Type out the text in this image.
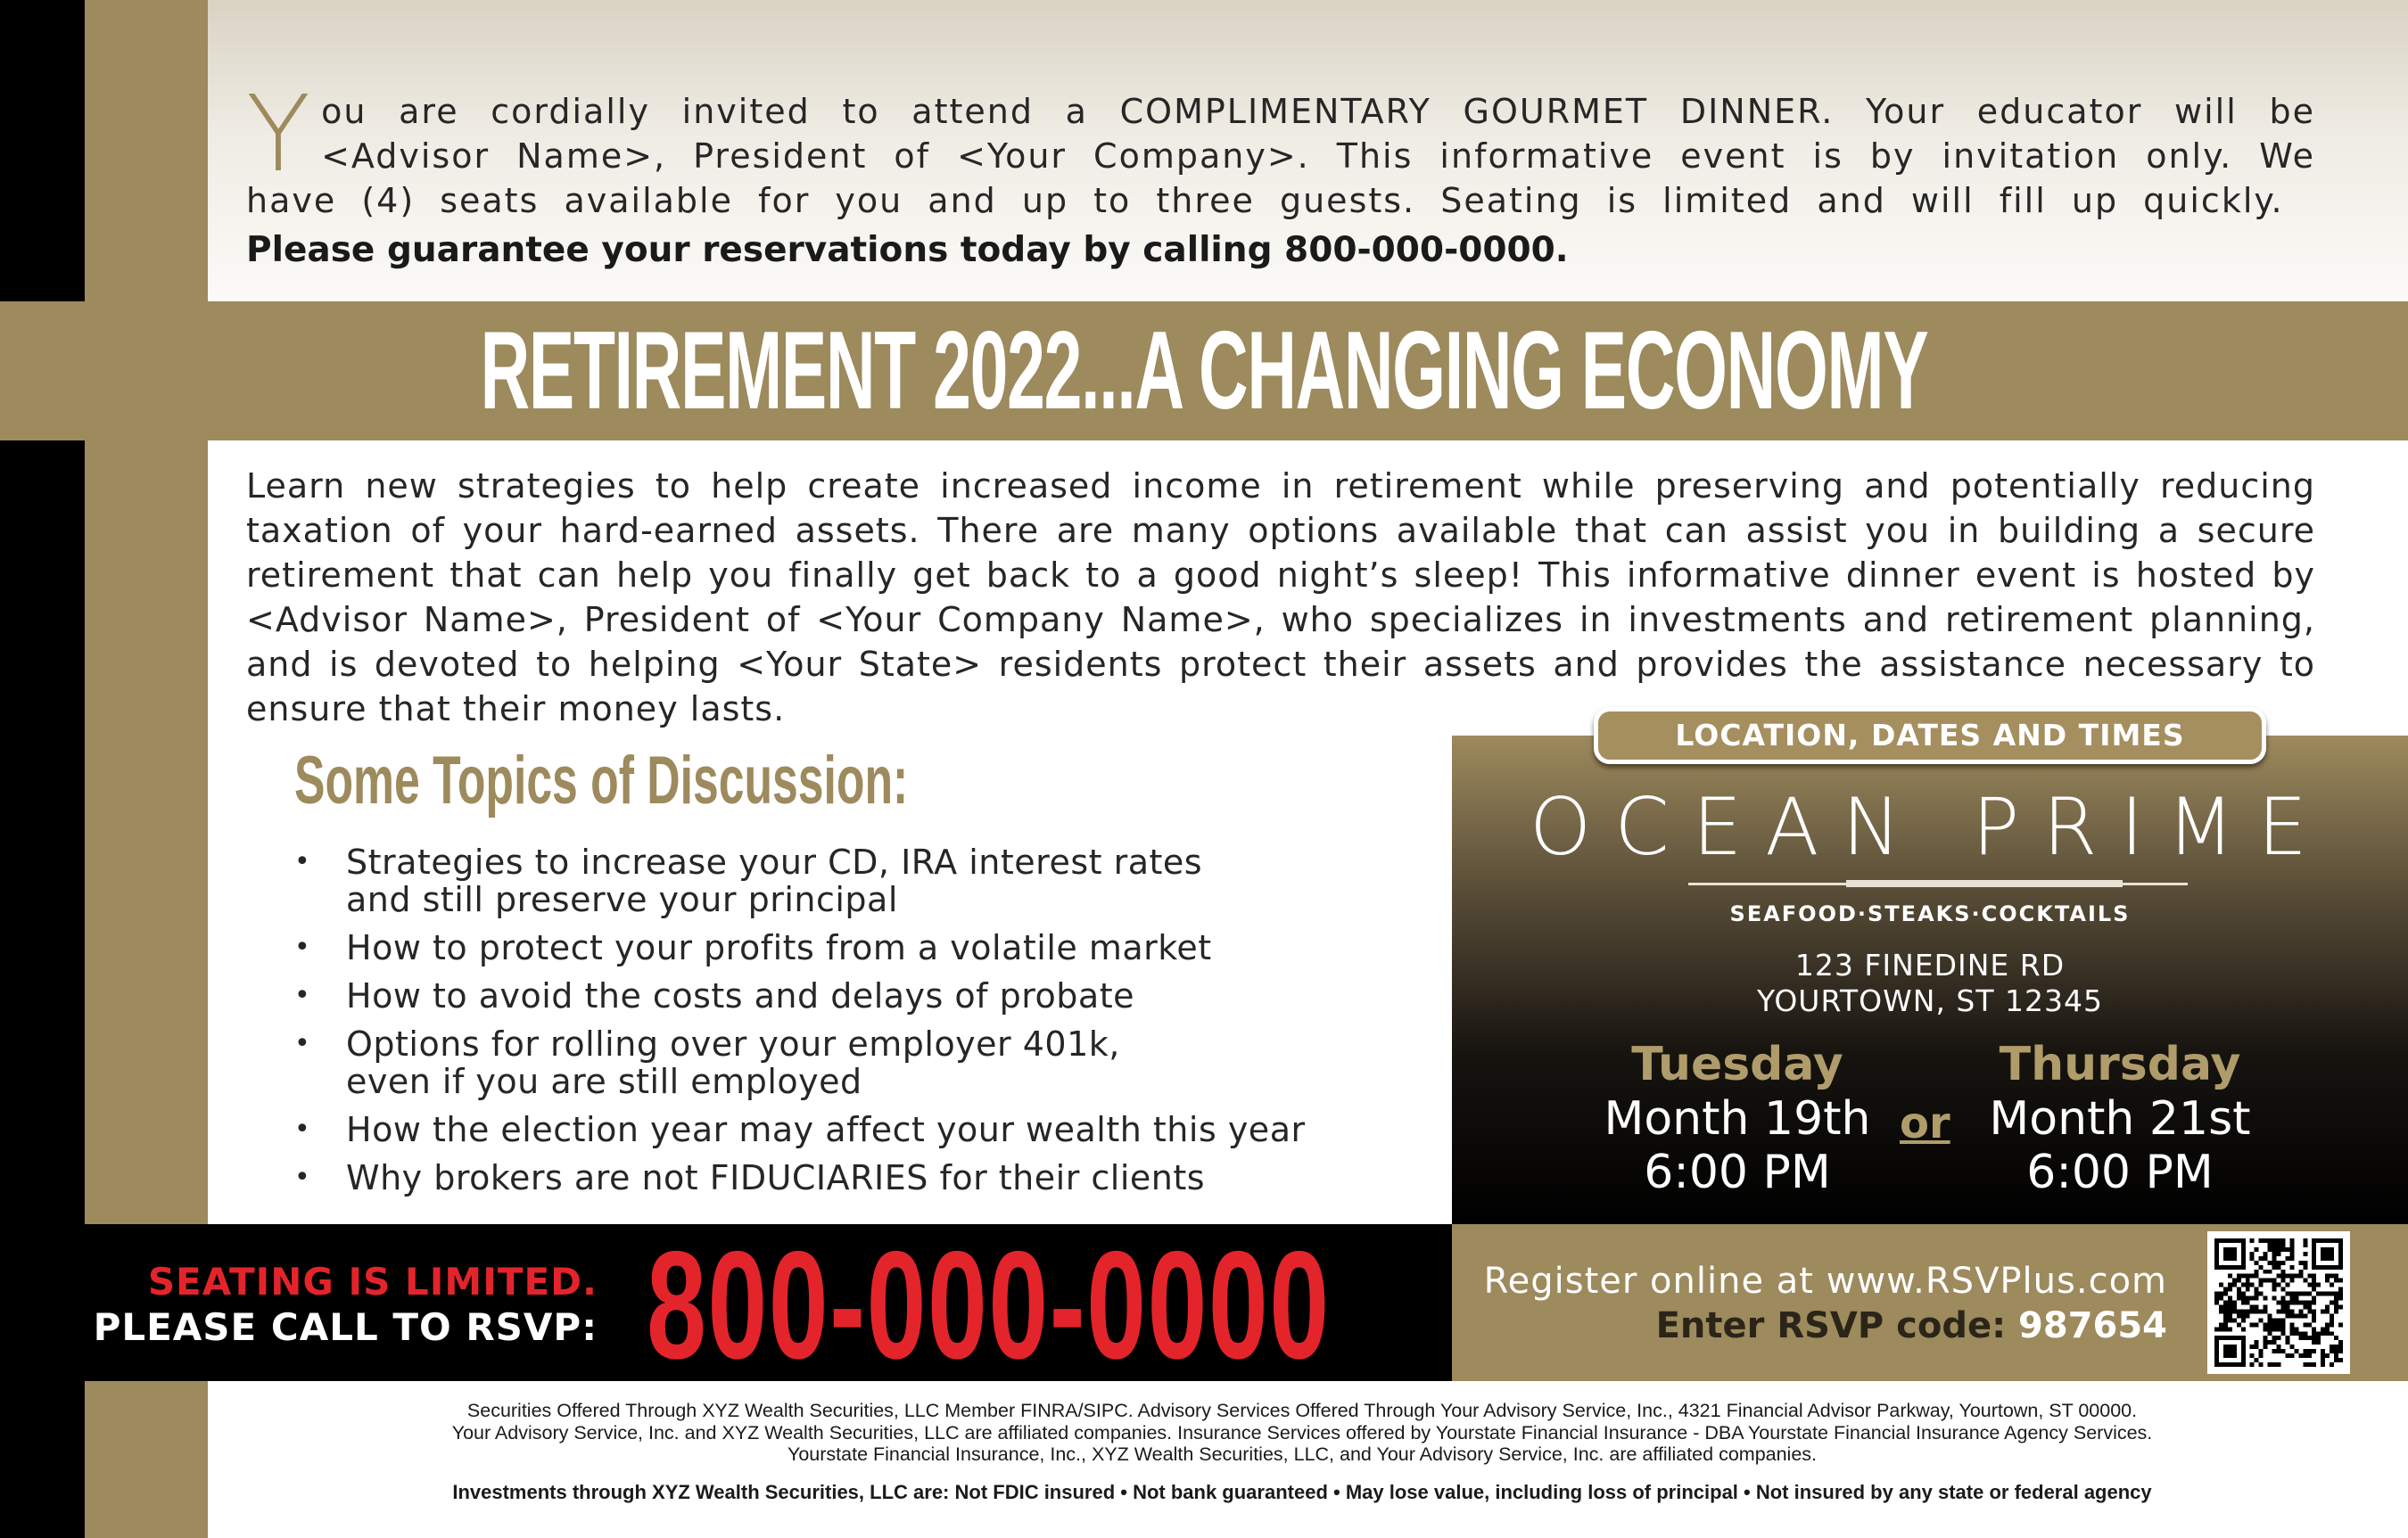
You are cordially invited to attend a COMPLIMENTARY GOURMET DINNER. Your educator will be <Advisor Name>, President of <Your Company>. This informative event is by invitation only. We have (4) seats available for you and up to three guests. Seating is limited and will fill up quickly.

Please guarantee your reservations today by calling 800-000-0000.

RETIREMENT 2022...A CHANGING ECONOMY

Learn new strategies to help create increased income in retirement while preserving and potentially reducing taxation of your hard-earned assets. There are many options available that can assist you in building a secure retirement that can help you finally get back to a good night’s sleep! This informative dinner event is hosted by <Advisor Name>, President of <Your Company Name>, who specializes in investments and retirement planning, and is devoted to helping <Your State> residents protect their assets and provides the assistance necessary to ensure that their money lasts.

Some Topics of Discussion:
• Strategies to increase your CD, IRA interest rates
and still preserve your principal
• How to protect your profits from a volatile market
• How to avoid the costs and delays of probate
• Options for rolling over your employer 401k,
even if you are still employed
• How the election year may affect your wealth this year
• Why brokers are not FIDUCIARIES for their clients
LOCATION, DATES AND TIMES
OCEAN PRIME
SEAFOOD·STEAKS·COCKTAILS
123 FINEDINE RD
YOURTOWN, ST 12345
Tuesday
Month 19th
6:00 PM
or
Thursday
Month 21st
6:00 PM
SEATING IS LIMITED.
PLEASE CALL TO RSVP: 800-000-0000	Register online at www.RSVPlus.com
Enter RSVP code: 987654
Securities Offered Through XYZ Wealth Securities, LLC Member FINRA/SIPC. Advisory Services Offered Through Your Advisory Service, Inc., 4321 Financial Advisor Parkway, Yourtown, ST 00000.
Your Advisory Service, Inc. and XYZ Wealth Securities, LLC are affiliated companies. Insurance Services offered by Yourstate Financial Insurance - DBA Yourstate Financial Insurance Agency Services.
Yourstate Financial Insurance, Inc., XYZ Wealth Securities, LLC, and Your Advisory Service, Inc. are affiliated companies.
Investments through XYZ Wealth Securities, LLC are: Not FDIC insured • Not bank guaranteed • May lose value, including loss of principal • Not insured by any state or federal agency
